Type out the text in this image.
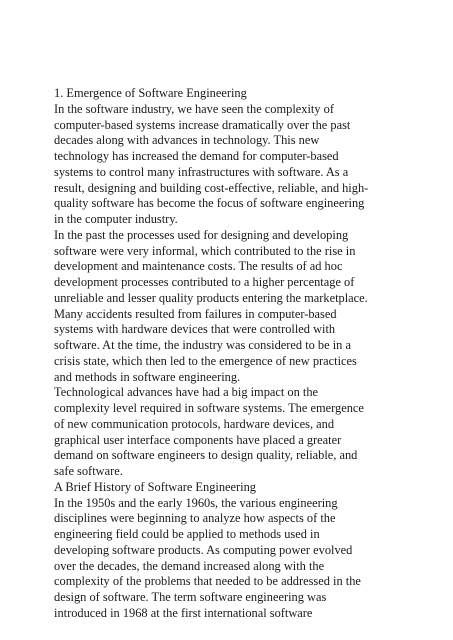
1. Emergence of Software Engineering
In the software industry, we have seen the complexity of
computer-based systems increase dramatically over the past
decades along with advances in technology. This new
technology has increased the demand for computer-based
systems to control many infrastructures with software. As a
result, designing and building cost-effective, reliable, and high-
quality software has become the focus of software engineering
in the computer industry.
In the past the processes used for designing and developing
software were very informal, which contributed to the rise in
development and maintenance costs. The results of ad hoc
development processes contributed to a higher percentage of
unreliable and lesser quality products entering the marketplace.
Many accidents resulted from failures in computer-based
systems with hardware devices that were controlled with
software. At the time, the industry was considered to be in a
crisis state, which then led to the emergence of new practices
and methods in software engineering.
Technological advances have had a big impact on the
complexity level required in software systems. The emergence
of new communication protocols, hardware devices, and
graphical user interface components have placed a greater
demand on software engineers to design quality, reliable, and
safe software.
A Brief History of Software Engineering
In the 1950s and the early 1960s, the various engineering
disciplines were beginning to analyze how aspects of the
engineering field could be applied to methods used in
developing software products. As computing power evolved
over the decades, the demand increased along with the
complexity of the problems that needed to be addressed in the
design of software. The term software engineering was
introduced in 1968 at the first international software
